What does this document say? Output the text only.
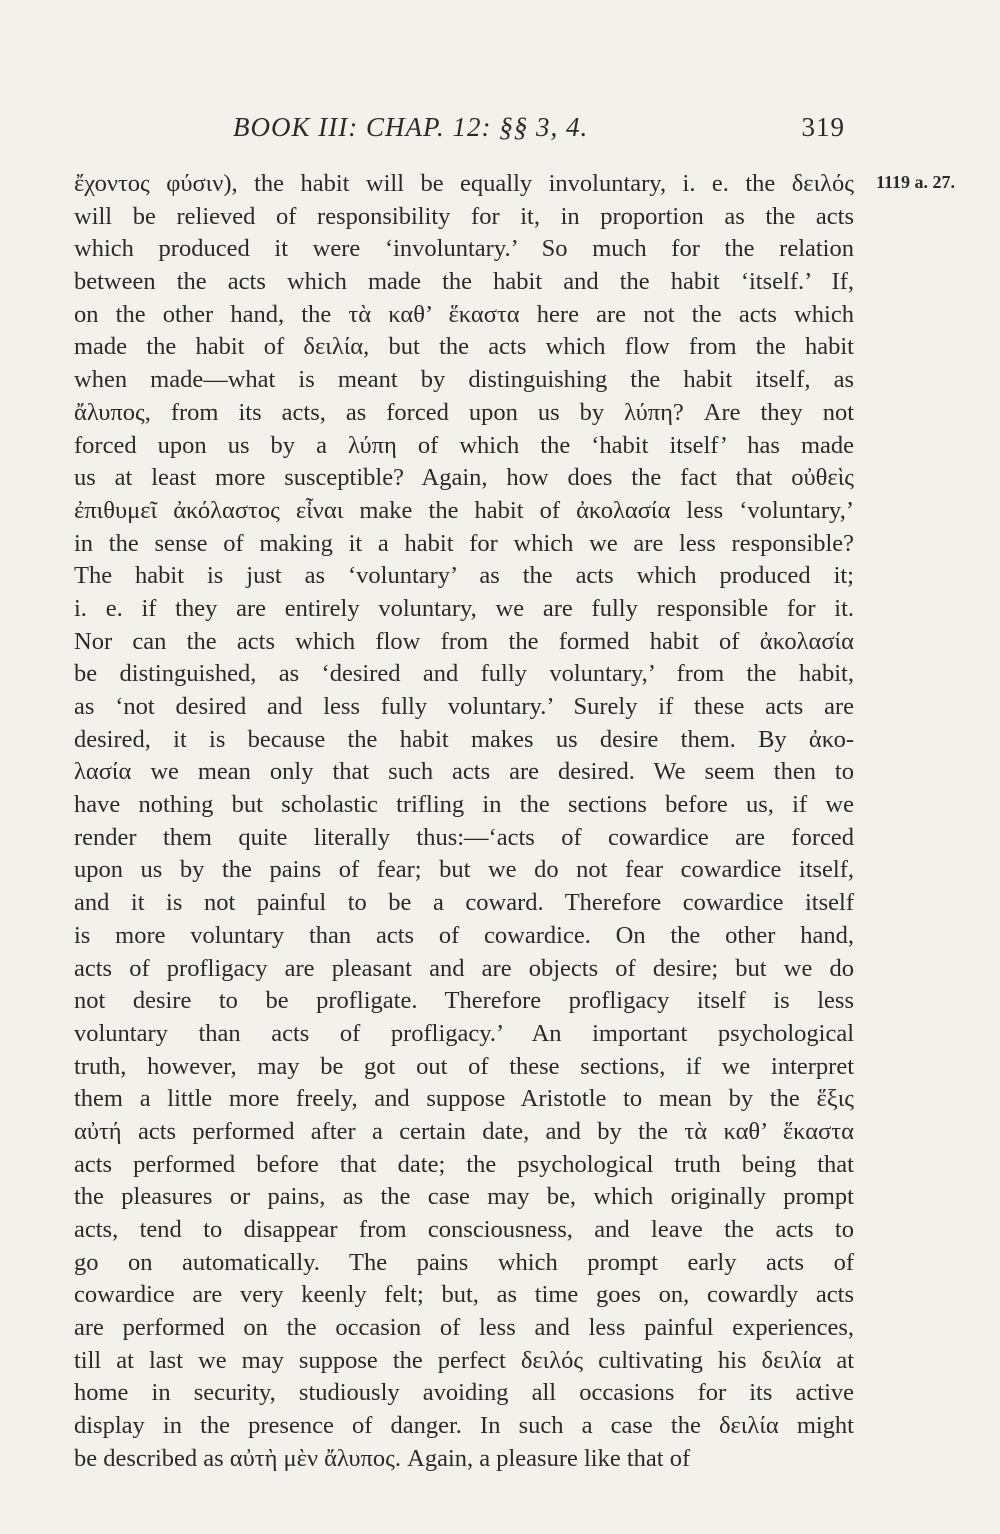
BOOK III: CHAP. 12: §§ 3, 4.	319
1119 a. 27.
ἔχοντος φύσιν), the habit will be equally involuntary, i. e. the δειλός
will be relieved of responsibility for it, in proportion as the acts
which produced it were ‘involuntary.’ So much for the relation
between the acts which made the habit and the habit ‘itself.’ If,
on the other hand, the τὰ καθ’ ἕκαστα here are not the acts which
made the habit of δειλία, but the acts which flow from the habit
when made—what is meant by distinguishing the habit itself, as
ἄλυπος, from its acts, as forced upon us by λύπη? Are they not
forced upon us by a λύπη of which the ‘habit itself’ has made
us at least more susceptible? Again, how does the fact that οὐθεὶς
ἐπιθυμεῖ ἀκόλαστος εἶναι make the habit of ἀκολασία less ‘voluntary,’
in the sense of making it a habit for which we are less responsible?
The habit is just as ‘voluntary’ as the acts which produced it;
i. e. if they are entirely voluntary, we are fully responsible for it.
Nor can the acts which flow from the formed habit of ἀκολασία
be distinguished, as ‘desired and fully voluntary,’ from the habit,
as ‘not desired and less fully voluntary.’ Surely if these acts are
desired, it is because the habit makes us desire them. By ἀκο-
λασία we mean only that such acts are desired. We seem then to
have nothing but scholastic trifling in the sections before us, if we
render them quite literally thus:—‘acts of cowardice are forced
upon us by the pains of fear; but we do not fear cowardice itself,
and it is not painful to be a coward. Therefore cowardice itself
is more voluntary than acts of cowardice. On the other hand,
acts of profligacy are pleasant and are objects of desire; but we do
not desire to be profligate. Therefore profligacy itself is less
voluntary than acts of profligacy.’ An important psychological
truth, however, may be got out of these sections, if we interpret
them a little more freely, and suppose Aristotle to mean by the ἕξις
αὐτή acts performed after a certain date, and by the τὰ καθ’ ἕκαστα
acts performed before that date; the psychological truth being that
the pleasures or pains, as the case may be, which originally prompt
acts, tend to disappear from consciousness, and leave the acts to
go on automatically. The pains which prompt early acts of
cowardice are very keenly felt; but, as time goes on, cowardly acts
are performed on the occasion of less and less painful experiences,
till at last we may suppose the perfect δειλός cultivating his δειλία at
home in security, studiously avoiding all occasions for its active
display in the presence of danger. In such a case the δειλία might
be described as αὐτὴ μὲν ἄλυπος. Again, a pleasure like that of
